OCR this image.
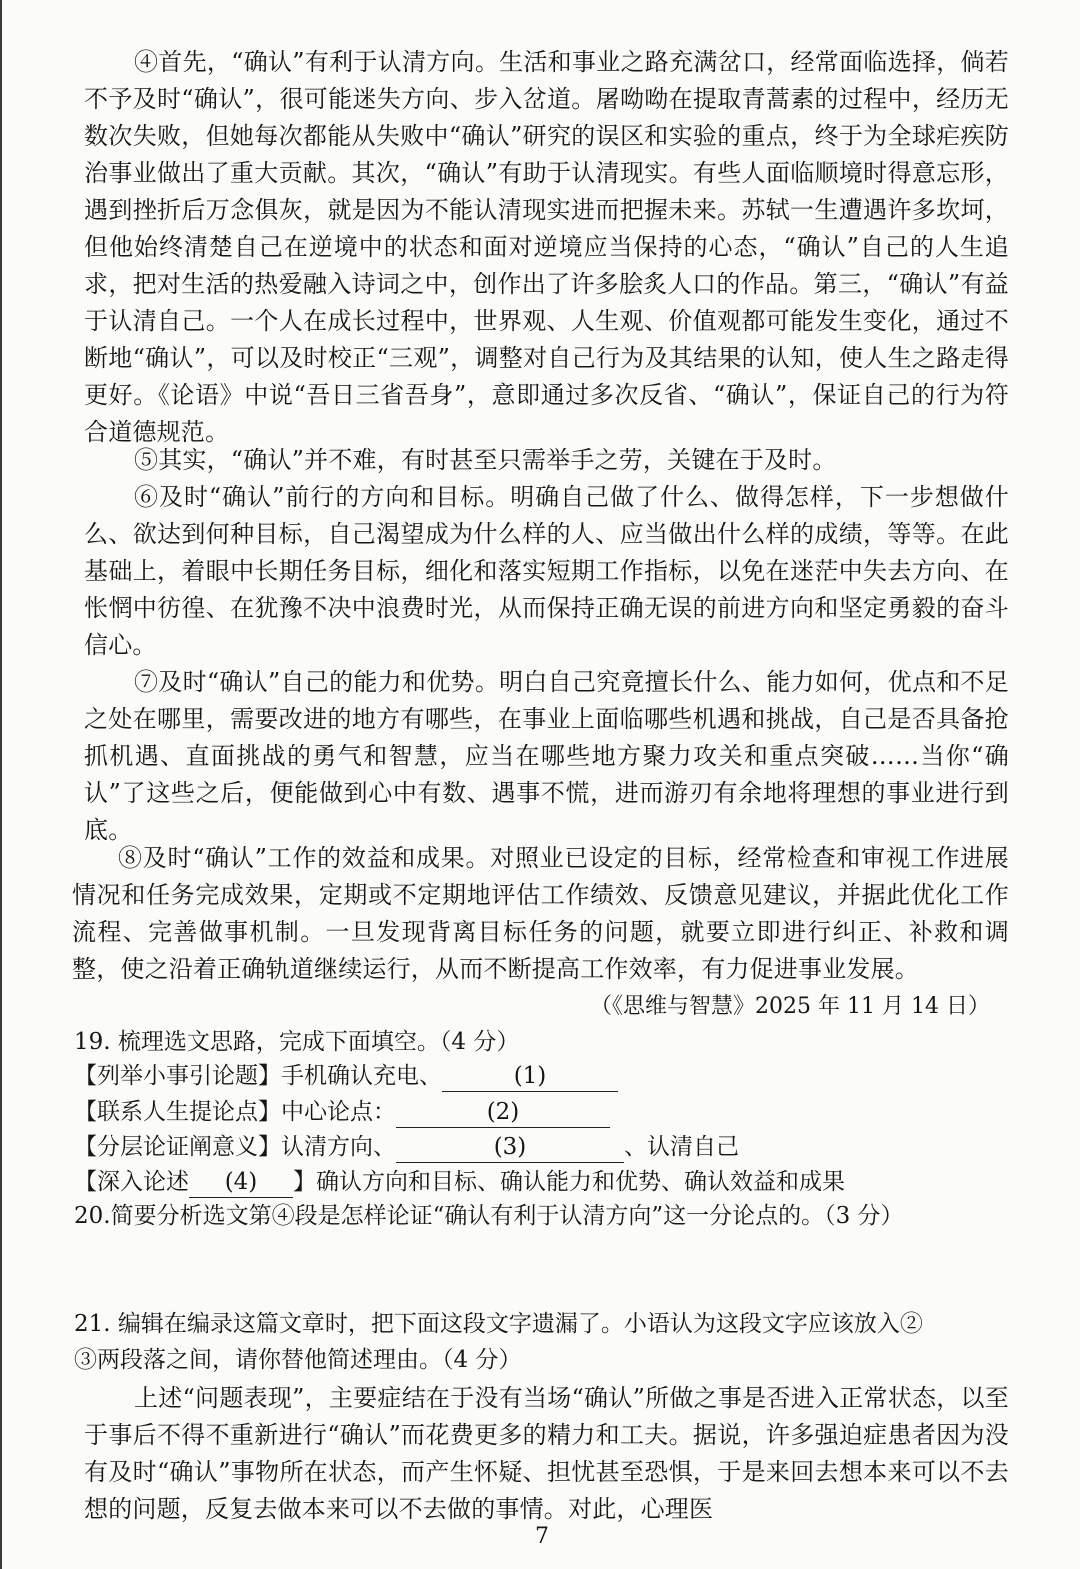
④首先，“确认”有利于认清方向。生活和事业之路充满岔口，经常面临选择，倘若不予及时“确认”，很可能迷失方向、步入岔道。屠呦呦在提取青蒿素的过程中，经历无数次失败，但她每次都能从失败中“确认”研究的误区和实验的重点，终于为全球疟疾防治事业做出了重大贡献。其次，“确认”有助于认清现实。有些人面临顺境时得意忘形，遇到挫折后万念俱灰，就是因为不能认清现实进而把握未来。苏轼一生遭遇许多坎坷，但他始终清楚自己在逆境中的状态和面对逆境应当保持的心态，“确认”自己的人生追求，把对生活的热爱融入诗词之中，创作出了许多脍炙人口的作品。第三，“确认”有益于认清自己。一个人在成长过程中，世界观、人生观、价值观都可能发生变化，通过不断地“确认”，可以及时校正“三观”，调整对自己行为及其结果的认知，使人生之路走得更好。《论语》中说“吾日三省吾身”，意即通过多次反省、“确认”，保证自己的行为符合道德规范。

⑤其实，“确认”并不难，有时甚至只需举手之劳，关键在于及时。

⑥及时“确认”前行的方向和目标。明确自己做了什么、做得怎样，下一步想做什么、欲达到何种目标，自己渴望成为什么样的人、应当做出什么样的成绩，等等。在此基础上，着眼中长期任务目标，细化和落实短期工作指标，以免在迷茫中失去方向、在怅惘中彷徨、在犹豫不决中浪费时光，从而保持正确无误的前进方向和坚定勇毅的奋斗信心。

⑦及时“确认”自己的能力和优势。明白自己究竟擅长什么、能力如何，优点和不足之处在哪里，需要改进的地方有哪些，在事业上面临哪些机遇和挑战，自己是否具备抢抓机遇、直面挑战的勇气和智慧，应当在哪些地方聚力攻关和重点突破……当你“确认”了这些之后，便能做到心中有数、遇事不慌，进而游刃有余地将理想的事业进行到底。

⑧及时“确认”工作的效益和成果。对照业已设定的目标，经常检查和审视工作进展情况和任务完成效果，定期或不定期地评估工作绩效、反馈意见建议，并据此优化工作流程、完善做事机制。一旦发现背离目标任务的问题，就要立即进行纠正、补救和调整，使之沿着正确轨道继续运行，从而不断提高工作效率，有力促进事业发展。

（《思维与智慧》2025 年 11 月 14 日）
19. 梳理选文思路，完成下面填空。（4 分）
【列举小事引论题】手机确认充电、	(1)
【联系人生提论点】中心论点：	(2)
【分层论证阐意义】认清方向、	(3)	、认清自己
【深入论述 (4) 】确认方向和目标、确认能力和优势、确认效益和成果
20.简要分析选文第④段是怎样论证“确认有利于认清方向”这一分论点的。（3 分）

21. 编辑在编录这篇文章时，把下面这段文字遗漏了。小语认为这段文字应该放入②

③两段落之间，请你替他简述理由。（4 分）

上述“问题表现”，主要症结在于没有当场“确认”所做之事是否进入正常状态，以至于事后不得不重新进行“确认”而花费更多的精力和工夫。据说，许多强迫症患者因为没有及时“确认”事物所在状态，而产生怀疑、担忧甚至恐惧，于是来回去想本来可以不去想的问题，反复去做本来可以不去做的事情。对此，心理医

7
